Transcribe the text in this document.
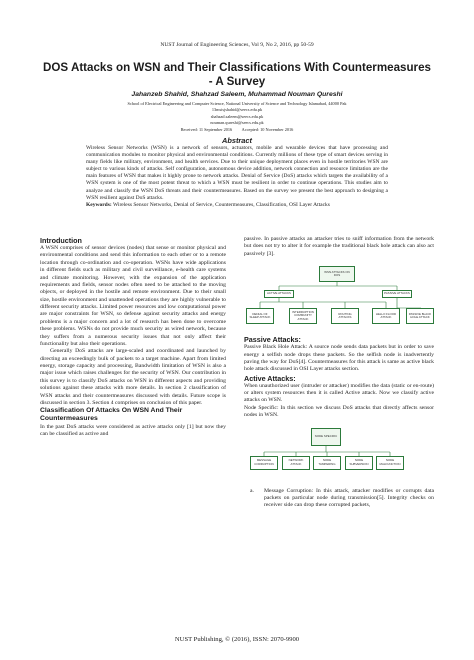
NUST Journal of Engineering Sciences, Vol 9, No 2, 2016, pp 50-59
DOS Attacks on WSN and Their Classifications With Countermeasures - A Survey
Jahanzeb Shahid, Shahzad Saleem, Muhammad Nouman Qureshi
School of Electrical Engineering and Computer Science, National University of Science and Technology Islamabad, 44000 Pak
13msisjshahid@seecs.edu.pk
shahzad.saleem@seecs.edu.pk
nouman.qureshi@seecs.edu.pk
Received: 11 September 2016 Accepted: 10 November 2016
Abstract
Wireless Sensor Networks (WSN) is a network of sensors, actuators, mobile and wearable devices that have processing and communication modules to monitor physical and environmental conditions. Currently millions of these type of smart devices serving in many fields like military, environment, and health services. Due to their unique deployment places even in hostile territories WSN are subject to various kinds of attacks. Self configuration, autonomous device addition, network connection and resource limitation are the main features of WSN that makes it highly prone to network attacks. Denial of Service (DoS) attacks which targets the availability of a WSN system is one of the most potent threat to which a WSN must be resilient in order to continue operations. This studies aim to analyze and classify the WSN DoS threats and their countermeasures. Based on the survey we present the best approach to designing a WSN resilient against DoS attacks.
Keywords: Wireless Sensor Networks, Denial of Service, Countermeasures, Classification, OSI Layer Attacks

Introduction

A WSN comprises of sensor devices (nodes) that sense or monitor physical and environmental conditions and send this information to each other or to a remote location through co-ordination and co-operation. WSNs have wide applications in different fields such as military and civil surveillance, e-health care systems and climate monitoring. However, with the expansion of the application requirements and fields, sensor nodes often need to be attached to the moving objects, or deployed in the hostile and remote environment. Due to their small size, hostile environment and unattended operations they are highly vulnerable to different security attacks. Limited power resources and low computational power are major constraints for WSN, so defense against security attacks and energy problems is a major concern and a lot of research has been done to overcome these problems. WSNs do not provide much security as wired network, because they suffers from a numerous security issues that not only affect their functionality but also their operations.

Generally DoS attacks are large-scaled and coordinated and launched by directing an exceedingly bulk of packets to a target machine. Apart from limited energy, storage capacity and processing, Bandwidth limitation of WSN is also a major issue which raises challenges for the security of WSN. Our contribution in this survey is to classify DoS attacks on WSN in different aspects and providing solutions against these attacks with more details. In section 2 classification of WSN attacks and their countermeasures discussed with details. Future scope is discussed in section 3. Section 4 comprises on conclusion of this paper.

Classification Of Attacks On WSN And Their Countermeasures

In the past DoS attacks were considered as active attacks only [1] but now they can be classified as active and

passive. In passive attacks an attacker tries to sniff information from the network but does not try to alter it for example the traditional black hole attack can also act passively [3].

WSN ATTACKS ON DOS
ACTIVE ATTACKS	PASSIVE ATTACKS
DENIAL OF SLEEP ATTACK
INTERRUPTION COMMUNITY ATTACK
ROUTING ATTACKS
HELLO FLOOD ATTACK
PASSIVE BLACK HOLE ATTACK

Passive Attacks:

Passive Black Hole Attack: A source node sends data packets but in order to save energy a selfish node drops these packets. So the selfish node is inadvertently paving the way for DoS[4]. Countermeasures for this attack is same as active black hole attack discussed in OSI Layer attacks section.

Active Attacks:

When unauthorized user (intruder or attacker) modifies the data (static or en-route) or alters system resources then it is called Active attack. Now we classify active attacks on WSN.

Node Specific: In this section we discuss DoS attacks that directly affects sensor nodes in WSN.

NODE SPECIFIC
MESSAGE CORRUPTION
NETWORK ATTACK
NODE TAMPERING
NODE SUBVERSION
NODE MALFUNCTION
a. Message Corruption: In this attack, attacker modifies or corrupts data packets on particular node during transmission[5]. Integrity checks on receiver side can drop these corrupted packets,
NUST Publishing, © (2016), ISSN: 2070-9900
